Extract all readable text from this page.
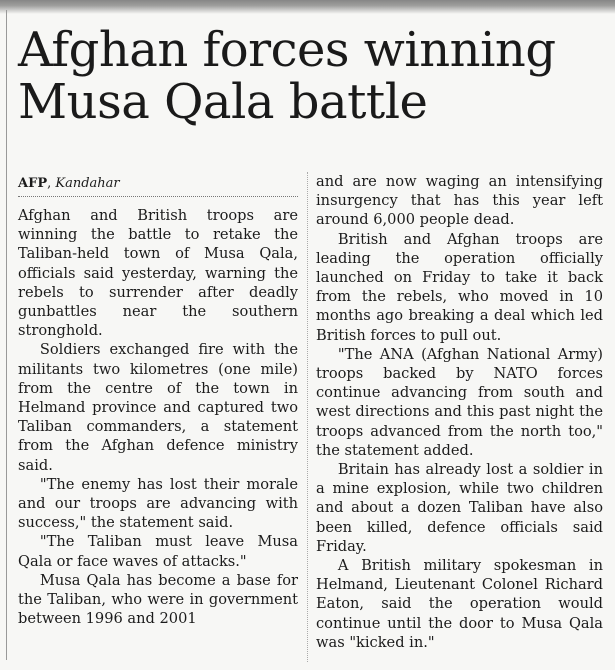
Afghan forces winning Musa Qala battle
AFP, Kandahar

Afghan and British troops are winning the battle to retake the Taliban-held town of Musa Qala, officials said yesterday, warning the rebels to surrender after deadly gunbattles near the southern stronghold.

Soldiers exchanged fire with the militants two kilometres (one mile) from the centre of the town in Helmand province and captured two Taliban commanders, a statement from the Afghan defence ministry said.

"The enemy has lost their morale and our troops are advancing with success," the statement said.

"The Taliban must leave Musa Qala or face waves of attacks."

Musa Qala has become a base for the Taliban, who were in government between 1996 and 2001

and are now waging an intensifying insurgency that has this year left around 6,000 people dead.

British and Afghan troops are leading the operation officially launched on Friday to take it back from the rebels, who moved in 10 months ago breaking a deal which led British forces to pull out.

"The ANA (Afghan National Army) troops backed by NATO forces continue advancing from south and west directions and this past night the troops advanced from the north too," the statement added.

Britain has already lost a soldier in a mine explosion, while two children and about a dozen Taliban have also been killed, defence officials said Friday.

A British military spokesman in Helmand, Lieutenant Colonel Richard Eaton, said the operation would continue until the door to Musa Qala was "kicked in."
